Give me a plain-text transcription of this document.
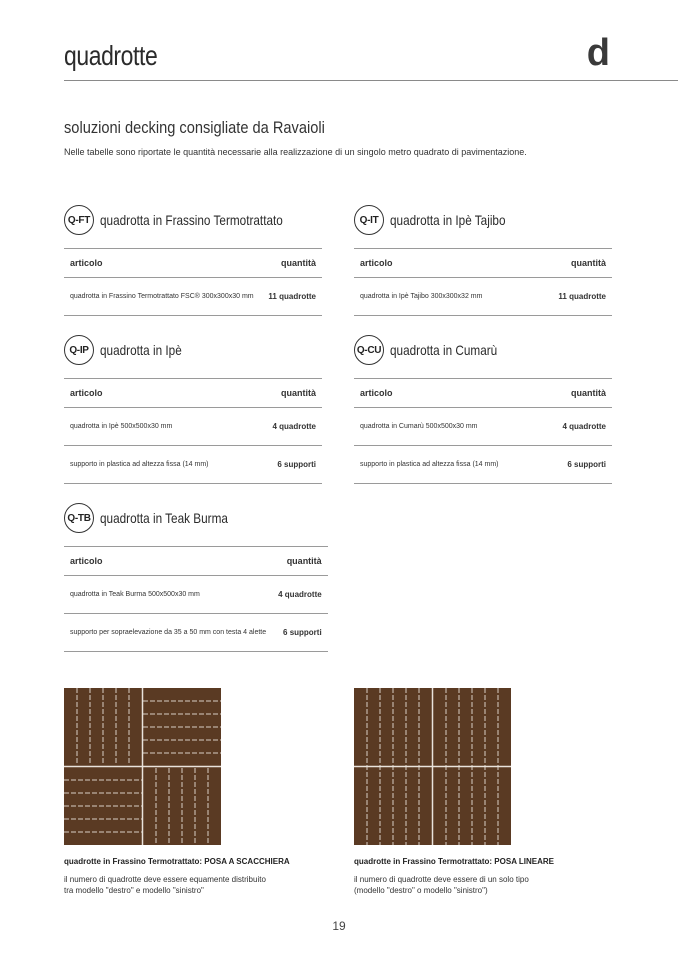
quadrotte	d
soluzioni decking consigliate da Ravaioli
Nelle tabelle sono riportate le quantità necessarie alla realizzazione di un singolo metro quadrato di pavimentazione.
Q-FT quadrotta in Frassino Termotrattato
articolo	quantità
quadrotta in Frassino Termotrattato FSC® 300x300x30 mm	11 quadrotte
Q-IT quadrotta in Ipè Tajibo
articolo	quantità
quadrotta in Ipè Tajibo 300x300x32 mm	11 quadrotte
Q-IP quadrotta in Ipè
articolo	quantità
quadrotta in Ipè 500x500x30 mm	4 quadrotte
supporto in plastica ad altezza fissa (14 mm)	6 supporti
Q-CU quadrotta in Cumarù
articolo	quantità
quadrotta in Cumarù 500x500x30 mm	4 quadrotte
supporto in plastica ad altezza fissa (14 mm)	6 supporti
Q-TB quadrotta in Teak Burma
articolo	quantità
quadrotta in Teak Burma 500x500x30 mm	4 quadrotte
supporto per sopraelevazione da 35 a 50 mm con testa 4 alette	6 supporti
quadrotte in Frassino Termotrattato: POSA A SCACCHIERA
il numero di quadrotte deve essere equamente distribuito
tra modello "destro" e modello "sinistro"
quadrotte in Frassino Termotrattato: POSA LINEARE
il numero di quadrotte deve essere di un solo tipo
(modello "destro" o modello "sinistro")
19
